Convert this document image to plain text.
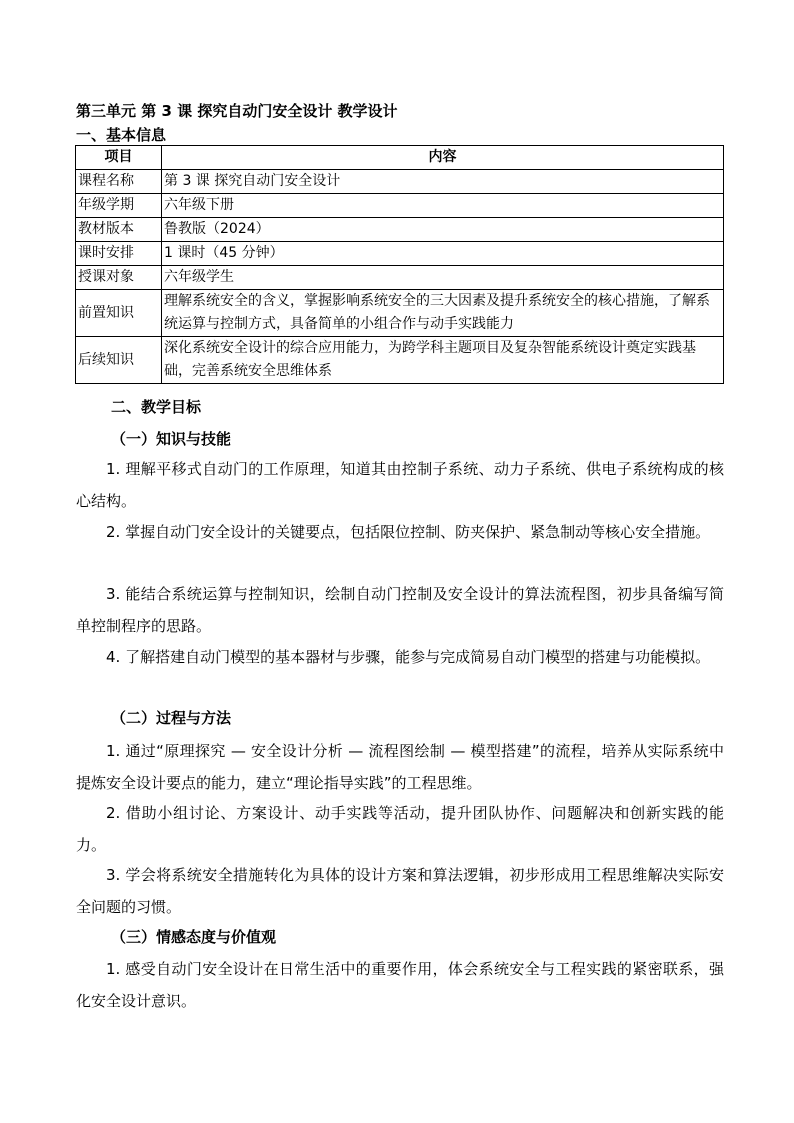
第三单元 第 3 课 探究自动门安全设计 教学设计
一、基本信息
项目	内容
课程名称	第 3 课 探究自动门安全设计
年级学期	六年级下册
教材版本	鲁教版（2024）
课时安排	1 课时（45 分钟）
授课对象	六年级学生
前置知识	理解系统安全的含义，掌握影响系统安全的三大因素及提升系统安全的核心措施，了解系统运算与控制方式，具备简单的小组合作与动手实践能力
后续知识	深化系统安全设计的综合应用能力，为跨学科主题项目及复杂智能系统设计奠定实践基础，完善系统安全思维体系
二、教学目标
（一）知识与技能
1. 理解平移式自动门的工作原理，知道其由控制子系统、动力子系统、供电子系统构成的核心结构。
2. 掌握自动门安全设计的关键要点，包括限位控制、防夹保护、紧急制动等核心安全措施。
3. 能结合系统运算与控制知识，绘制自动门控制及安全设计的算法流程图，初步具备编写简单控制程序的思路。
4. 了解搭建自动门模型的基本器材与步骤，能参与完成简易自动门模型的搭建与功能模拟。
（二）过程与方法
1. 通过“原理探究 — 安全设计分析 — 流程图绘制 — 模型搭建”的流程，培养从实际系统中提炼安全设计要点的能力，建立“理论指导实践”的工程思维。
2. 借助小组讨论、方案设计、动手实践等活动，提升团队协作、问题解决和创新实践的能力。
3. 学会将系统安全措施转化为具体的设计方案和算法逻辑，初步形成用工程思维解决实际安全问题的习惯。
（三）情感态度与价值观
1. 感受自动门安全设计在日常生活中的重要作用，体会系统安全与工程实践的紧密联系，强化安全设计意识。
